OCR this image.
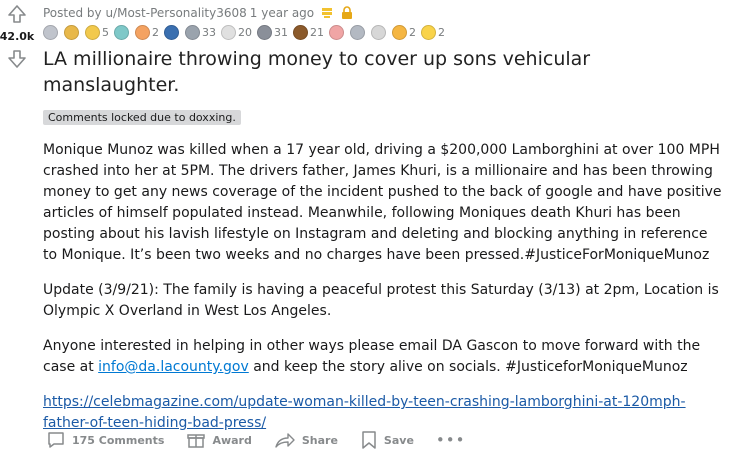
42.0k
Posted by u/Most-Personality3608 1 year ago
5	2	33 20 31 21	2 2
LA millionaire throwing money to cover up sons vehicular manslaughter.
Comments locked due to doxxing.

Monique Munoz was killed when a 17 year old, driving a $200,000 Lamborghini at over 100 MPH crashed into her at 5PM. The drivers father, James Khuri, is a millionaire and has been throwing money to get any news coverage of the incident pushed to the back of google and have positive articles of himself populated instead. Meanwhile, following Moniques death Khuri has been posting about his lavish lifestyle on Instagram and deleting and blocking anything in reference to Monique. It’s been two weeks and no charges have been pressed.#JusticeForMoniqueMunoz

Update (3/9/21): The family is having a peaceful protest this Saturday (3/13) at 2pm, Location is Olympic X Overland in West Los Angeles.

Anyone interested in helping in other ways please email DA Gascon to move forward with the case at info@da.lacounty.gov and keep the story alive on socials. #JusticeforMoniqueMunoz

https://celebmagazine.com/update-woman-killed-by-teen-crashing-lamborghini-at-120mph-father-of-teen-hiding-bad-press/

175 Comments	Award	Share	Save •••
